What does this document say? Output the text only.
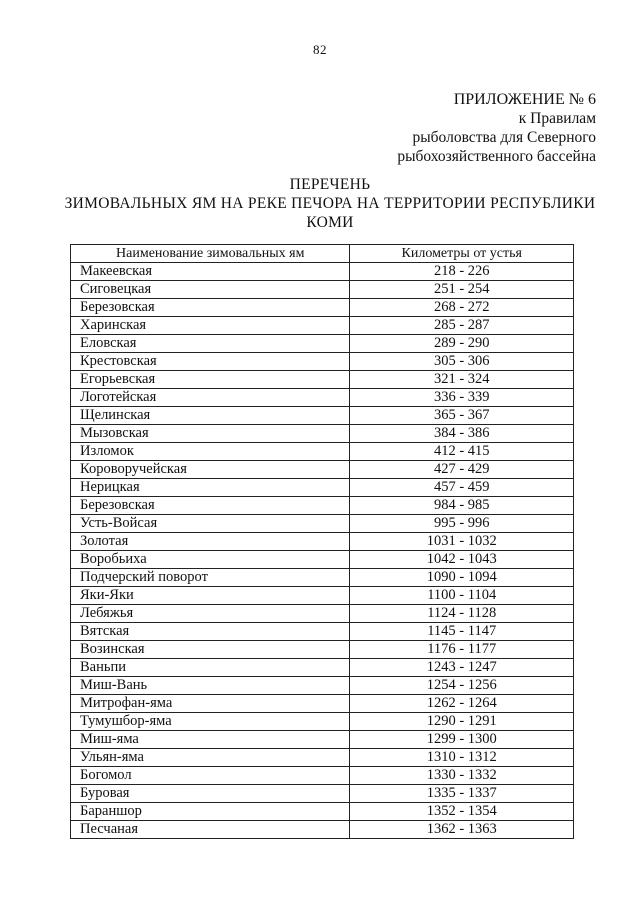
82
ПРИЛОЖЕНИЕ № 6
к Правилам
рыболовства для Северного
рыбохозяйственного бассейна
ПЕРЕЧЕНЬ
ЗИМОВАЛЬНЫХ ЯМ НА РЕКЕ ПЕЧОРА НА ТЕРРИТОРИИ РЕСПУБЛИКИ
КОМИ
Наименование зимовальных ям	Километры от устья
Макеевская	218 - 226
Сиговецкая	251 - 254
Березовская	268 - 272
Харинская	285 - 287
Еловская	289 - 290
Крестовская	305 - 306
Егорьевская	321 - 324
Логотейская	336 - 339
Щелинская	365 - 367
Мызовская	384 - 386
Изломок	412 - 415
Короворучейская	427 - 429
Нерицкая	457 - 459
Березовская	984 - 985
Усть-Войсая	995 - 996
Золотая	1031 - 1032
Воробьиха	1042 - 1043
Подчерский поворот	1090 - 1094
Яки-Яки	1100 - 1104
Лебяжья	1124 - 1128
Вятская	1145 - 1147
Возинская	1176 - 1177
Ваньпи	1243 - 1247
Миш-Вань	1254 - 1256
Митрофан-яма	1262 - 1264
Тумушбор-яма	1290 - 1291
Миш-яма	1299 - 1300
Ульян-яма	1310 - 1312
Богомол	1330 - 1332
Буровая	1335 - 1337
Бараншор	1352 - 1354
Песчаная	1362 - 1363
